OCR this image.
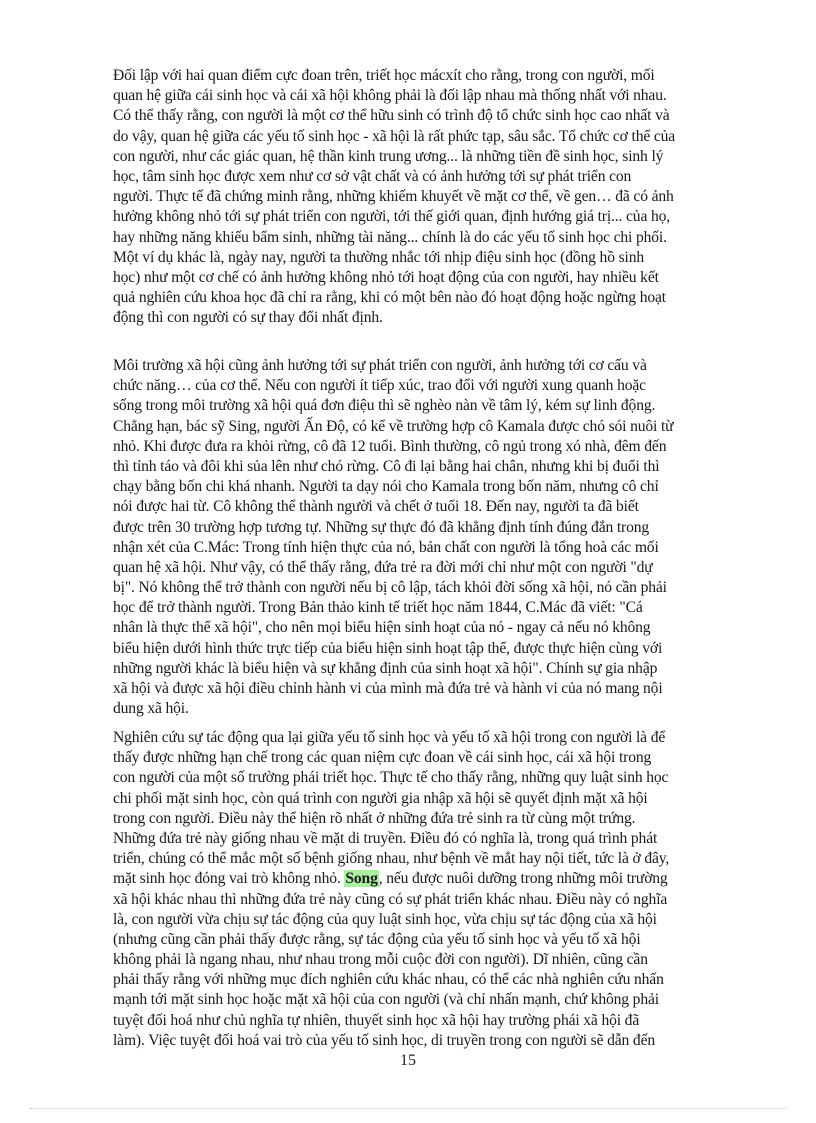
Đối lập với hai quan điểm cực đoan trên, triết học mácxít cho rằng, trong con người, mối
quan hệ giữa cái sinh học và cái xã hội không phải là đối lập nhau mà thống nhất với nhau.
Có thể thấy rằng, con người là một cơ thể hữu sinh có trình độ tổ chức sinh học cao nhất và
do vậy, quan hệ giữa các yếu tố sinh học - xã hội là rất phức tạp, sâu sắc. Tổ chức cơ thể của
con người, như các giác quan, hệ thần kinh trung ương... là những tiền đề sinh học, sinh lý
học, tâm sinh học được xem như cơ sở vật chất và có ảnh hưởng tới sự phát triển con
người. Thực tế đã chứng minh rằng, những khiếm khuyết về mặt cơ thể, về gen… đã có ảnh
hưởng không nhỏ tới sự phát triển con người, tới thế giới quan, định hướng giá trị... của họ,
hay những năng khiếu bẩm sinh, những tài năng... chính là do các yếu tố sinh học chi phối.
Một ví dụ khác là, ngày nay, người ta thường nhắc tới nhịp điệu sinh học (đồng hồ sinh
học) như một cơ chế có ảnh hưởng không nhỏ tới hoạt động của con người, hay nhiều kết
quả nghiên cứu khoa học đã chỉ ra rằng, khi có một bên nào đó hoạt động hoặc ngừng hoạt
động thì con người có sự thay đổi nhất định.
Môi trường xã hội cũng ảnh hưởng tới sự phát triển con người, ảnh hưởng tới cơ cấu và
chức năng… của cơ thể. Nếu con người ít tiếp xúc, trao đổi với người xung quanh hoặc
sống trong môi trường xã hội quá đơn điệu thì sẽ nghèo nàn về tâm lý, kém sự linh động.
Chẳng hạn, bác sỹ Sing, người Ấn Độ, có kể về trường hợp cô Kamala được chó sói nuôi từ
nhỏ. Khi được đưa ra khỏi rừng, cô đã 12 tuổi. Bình thường, cô ngủ trong xó nhà, đêm đến
thì tỉnh táo và đôi khi sủa lên như chó rừng. Cô đi lại bằng hai chân, nhưng khi bị đuổi thì
chạy bằng bốn chi khá nhanh. Người ta dạy nói cho Kamala trong bốn năm, nhưng cô chỉ
nói được hai từ. Cô không thể thành người và chết ở tuổi 18. Đến nay, người ta đã biết
được trên 30 trường hợp tương tự. Những sự thực đó đã khẳng định tính đúng đắn trong
nhận xét của C.Mác: Trong tính hiện thực của nó, bản chất con người là tổng hoà các mối
quan hệ xã hội. Như vậy, có thể thấy rằng, đứa trẻ ra đời mới chỉ như một con người "dự
bị". Nó không thể trở thành con người nếu bị cô lập, tách khỏi đời sống xã hội, nó cần phải
học để trở thành người. Trong Bản thảo kinh tế triết học năm 1844, C.Mác đã viết: "Cá
nhân là thực thể xã hội", cho nên mọi biểu hiện sinh hoạt của nó - ngay cả nếu nó không
biểu hiện dưới hình thức trực tiếp của biểu hiện sinh hoạt tập thể, được thực hiện cùng với
những người khác là biểu hiện và sự khẳng định của sinh hoạt xã hội". Chính sự gia nhập
xã hội và được xã hội điều chỉnh hành vi của mình mà đứa trẻ và hành vi của nó mang nội
dung xã hội.
Nghiên cứu sự tác động qua lại giữa yếu tố sinh học và yếu tố xã hội trong con người là để
thấy được những hạn chế trong các quan niệm cực đoan về cái sinh học, cái xã hội trong
con người của một số trường phái triết học. Thực tế cho thấy rằng, những quy luật sinh học
chi phối mặt sinh học, còn quá trình con người gia nhập xã hội sẽ quyết định mặt xã hội
trong con người. Điều này thể hiện rõ nhất ở những đứa trẻ sinh ra từ cùng một trứng.
Những đứa trẻ này giống nhau về mặt di truyền. Điều đó có nghĩa là, trong quá trình phát
triển, chúng có thể mắc một số bệnh giống nhau, như bệnh về mắt hay nội tiết, tức là ở đây,
mặt sinh học đóng vai trò không nhỏ. Song, nếu được nuôi dưỡng trong những môi trường
xã hội khác nhau thì những đứa trẻ này cũng có sự phát triển khác nhau. Điều này có nghĩa
là, con người vừa chịu sự tác động của quy luật sinh học, vừa chịu sự tác động của xã hội
(nhưng cũng cần phải thấy được rằng, sự tác động của yếu tố sinh học và yếu tố xã hội
không phải là ngang nhau, như nhau trong mỗi cuộc đời con người). Dĩ nhiên, cũng cần
phải thấy rằng với những mục đích nghiên cứu khác nhau, có thể các nhà nghiên cứu nhấn
mạnh tới mặt sinh học hoặc mặt xã hội của con người (và chỉ nhấn mạnh, chứ không phải
tuyệt đối hoá như chủ nghĩa tự nhiên, thuyết sinh học xã hội hay trường phái xã hội đã
làm). Việc tuyệt đối hoá vai trò của yếu tố sinh học, di truyền trong con người sẽ dẫn đến
15
